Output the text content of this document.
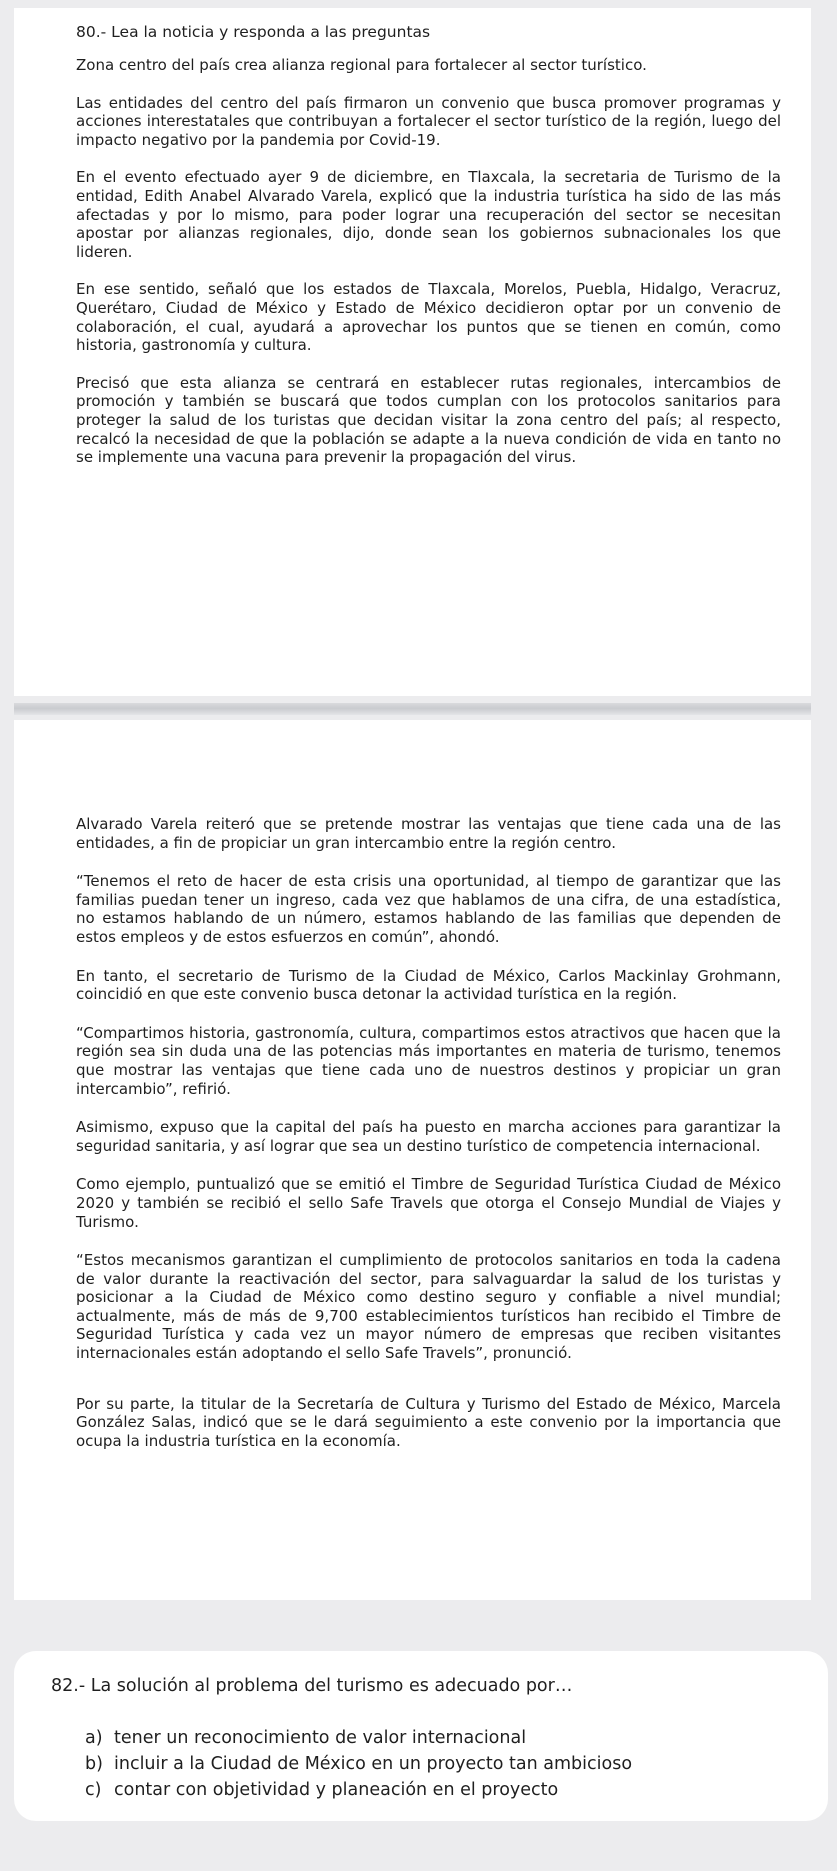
80.- Lea la noticia y responda a las preguntas
Zona centro del país crea alianza regional para fortalecer al sector turístico.

Las entidades del centro del país firmaron un convenio que busca promover programas y acciones interestatales que contribuyan a fortalecer el sector turístico de la región, luego del impacto negativo por la pandemia por Covid-19.

En el evento efectuado ayer 9 de diciembre, en Tlaxcala, la secretaria de Turismo de la entidad, Edith Anabel Alvarado Varela, explicó que la industria turística ha sido de las más afectadas y por lo mismo, para poder lograr una recuperación del sector se necesitan apostar por alianzas regionales, dijo, donde sean los gobiernos subnacionales los que lideren.

En ese sentido, señaló que los estados de Tlaxcala, Morelos, Puebla, Hidalgo, Veracruz, Querétaro, Ciudad de México y Estado de México decidieron optar por un convenio de colaboración, el cual, ayudará a aprovechar los puntos que se tienen en común, como historia, gastronomía y cultura.

Precisó que esta alianza se centrará en establecer rutas regionales, intercambios de promoción y también se buscará que todos cumplan con los protocolos sanitarios para proteger la salud de los turistas que decidan visitar la zona centro del país; al respecto, recalcó la necesidad de que la población se adapte a la nueva condición de vida en tanto no se implemente una vacuna para prevenir la propagación del virus.

Alvarado Varela reiteró que se pretende mostrar las ventajas que tiene cada una de las entidades, a fin de propiciar un gran intercambio entre la región centro.

“Tenemos el reto de hacer de esta crisis una oportunidad, al tiempo de garantizar que las familias puedan tener un ingreso, cada vez que hablamos de una cifra, de una estadística, no estamos hablando de un número, estamos hablando de las familias que dependen de estos empleos y de estos esfuerzos en común”, ahondó.

En tanto, el secretario de Turismo de la Ciudad de México, Carlos Mackinlay Grohmann, coincidió en que este convenio busca detonar la actividad turística en la región.

“Compartimos historia, gastronomía, cultura, compartimos estos atractivos que hacen que la región sea sin duda una de las potencias más importantes en materia de turismo, tenemos que mostrar las ventajas que tiene cada uno de nuestros destinos y propiciar un gran intercambio”, refirió.

Asimismo, expuso que la capital del país ha puesto en marcha acciones para garantizar la seguridad sanitaria, y así lograr que sea un destino turístico de competencia internacional.

Como ejemplo, puntualizó que se emitió el Timbre de Seguridad Turística Ciudad de México 2020 y también se recibió el sello Safe Travels que otorga el Consejo Mundial de Viajes y Turismo.

“Estos mecanismos garantizan el cumplimiento de protocolos sanitarios en toda la cadena de valor durante la reactivación del sector, para salvaguardar la salud de los turistas y posicionar a la Ciudad de México como destino seguro y confiable a nivel mundial; actualmente, más de más de 9,700 establecimientos turísticos han recibido el Timbre de Seguridad Turística y cada vez un mayor número de empresas que reciben visitantes internacionales están adoptando el sello Safe Travels”, pronunció.

Por su parte, la titular de la Secretaría de Cultura y Turismo del Estado de México, Marcela González Salas, indicó que se le dará seguimiento a este convenio por la importancia que ocupa la industria turística en la economía.

82.- La solución al problema del turismo es adecuado por…
a) tener un reconocimiento de valor internacional
b) incluir a la Ciudad de México en un proyecto tan ambicioso
c) contar con objetividad y planeación en el proyecto
